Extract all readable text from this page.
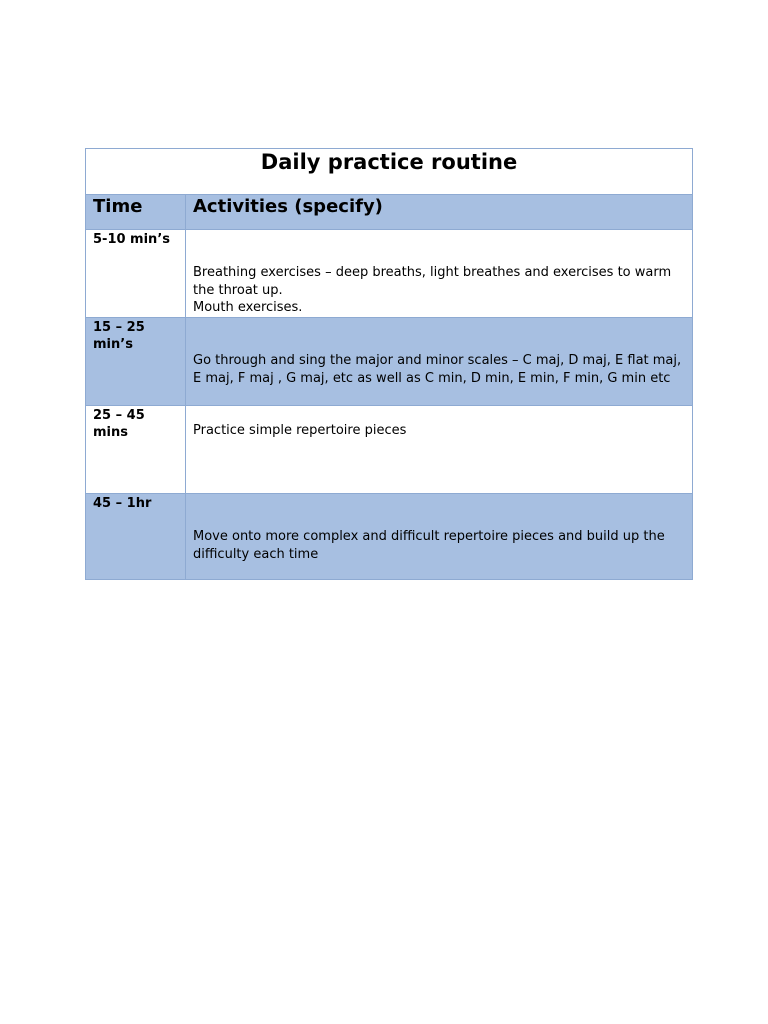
Daily practice routine	
Time	Activities (specify)

5-10 min’s	Breathing exercises – deep breaths, light breathes and exercises to warm the throat up.
Mouth exercises.

15 – 25 min’s	Go through and sing the major and minor scales – C maj, D maj, E flat maj, E maj, F maj , G maj, etc as well as C min, D min, E min, F min, G min etc

25 – 45 mins	Practice simple repertoire pieces

45 – 1hr	Move onto more complex and difficult repertoire pieces and build up the difficulty each time
